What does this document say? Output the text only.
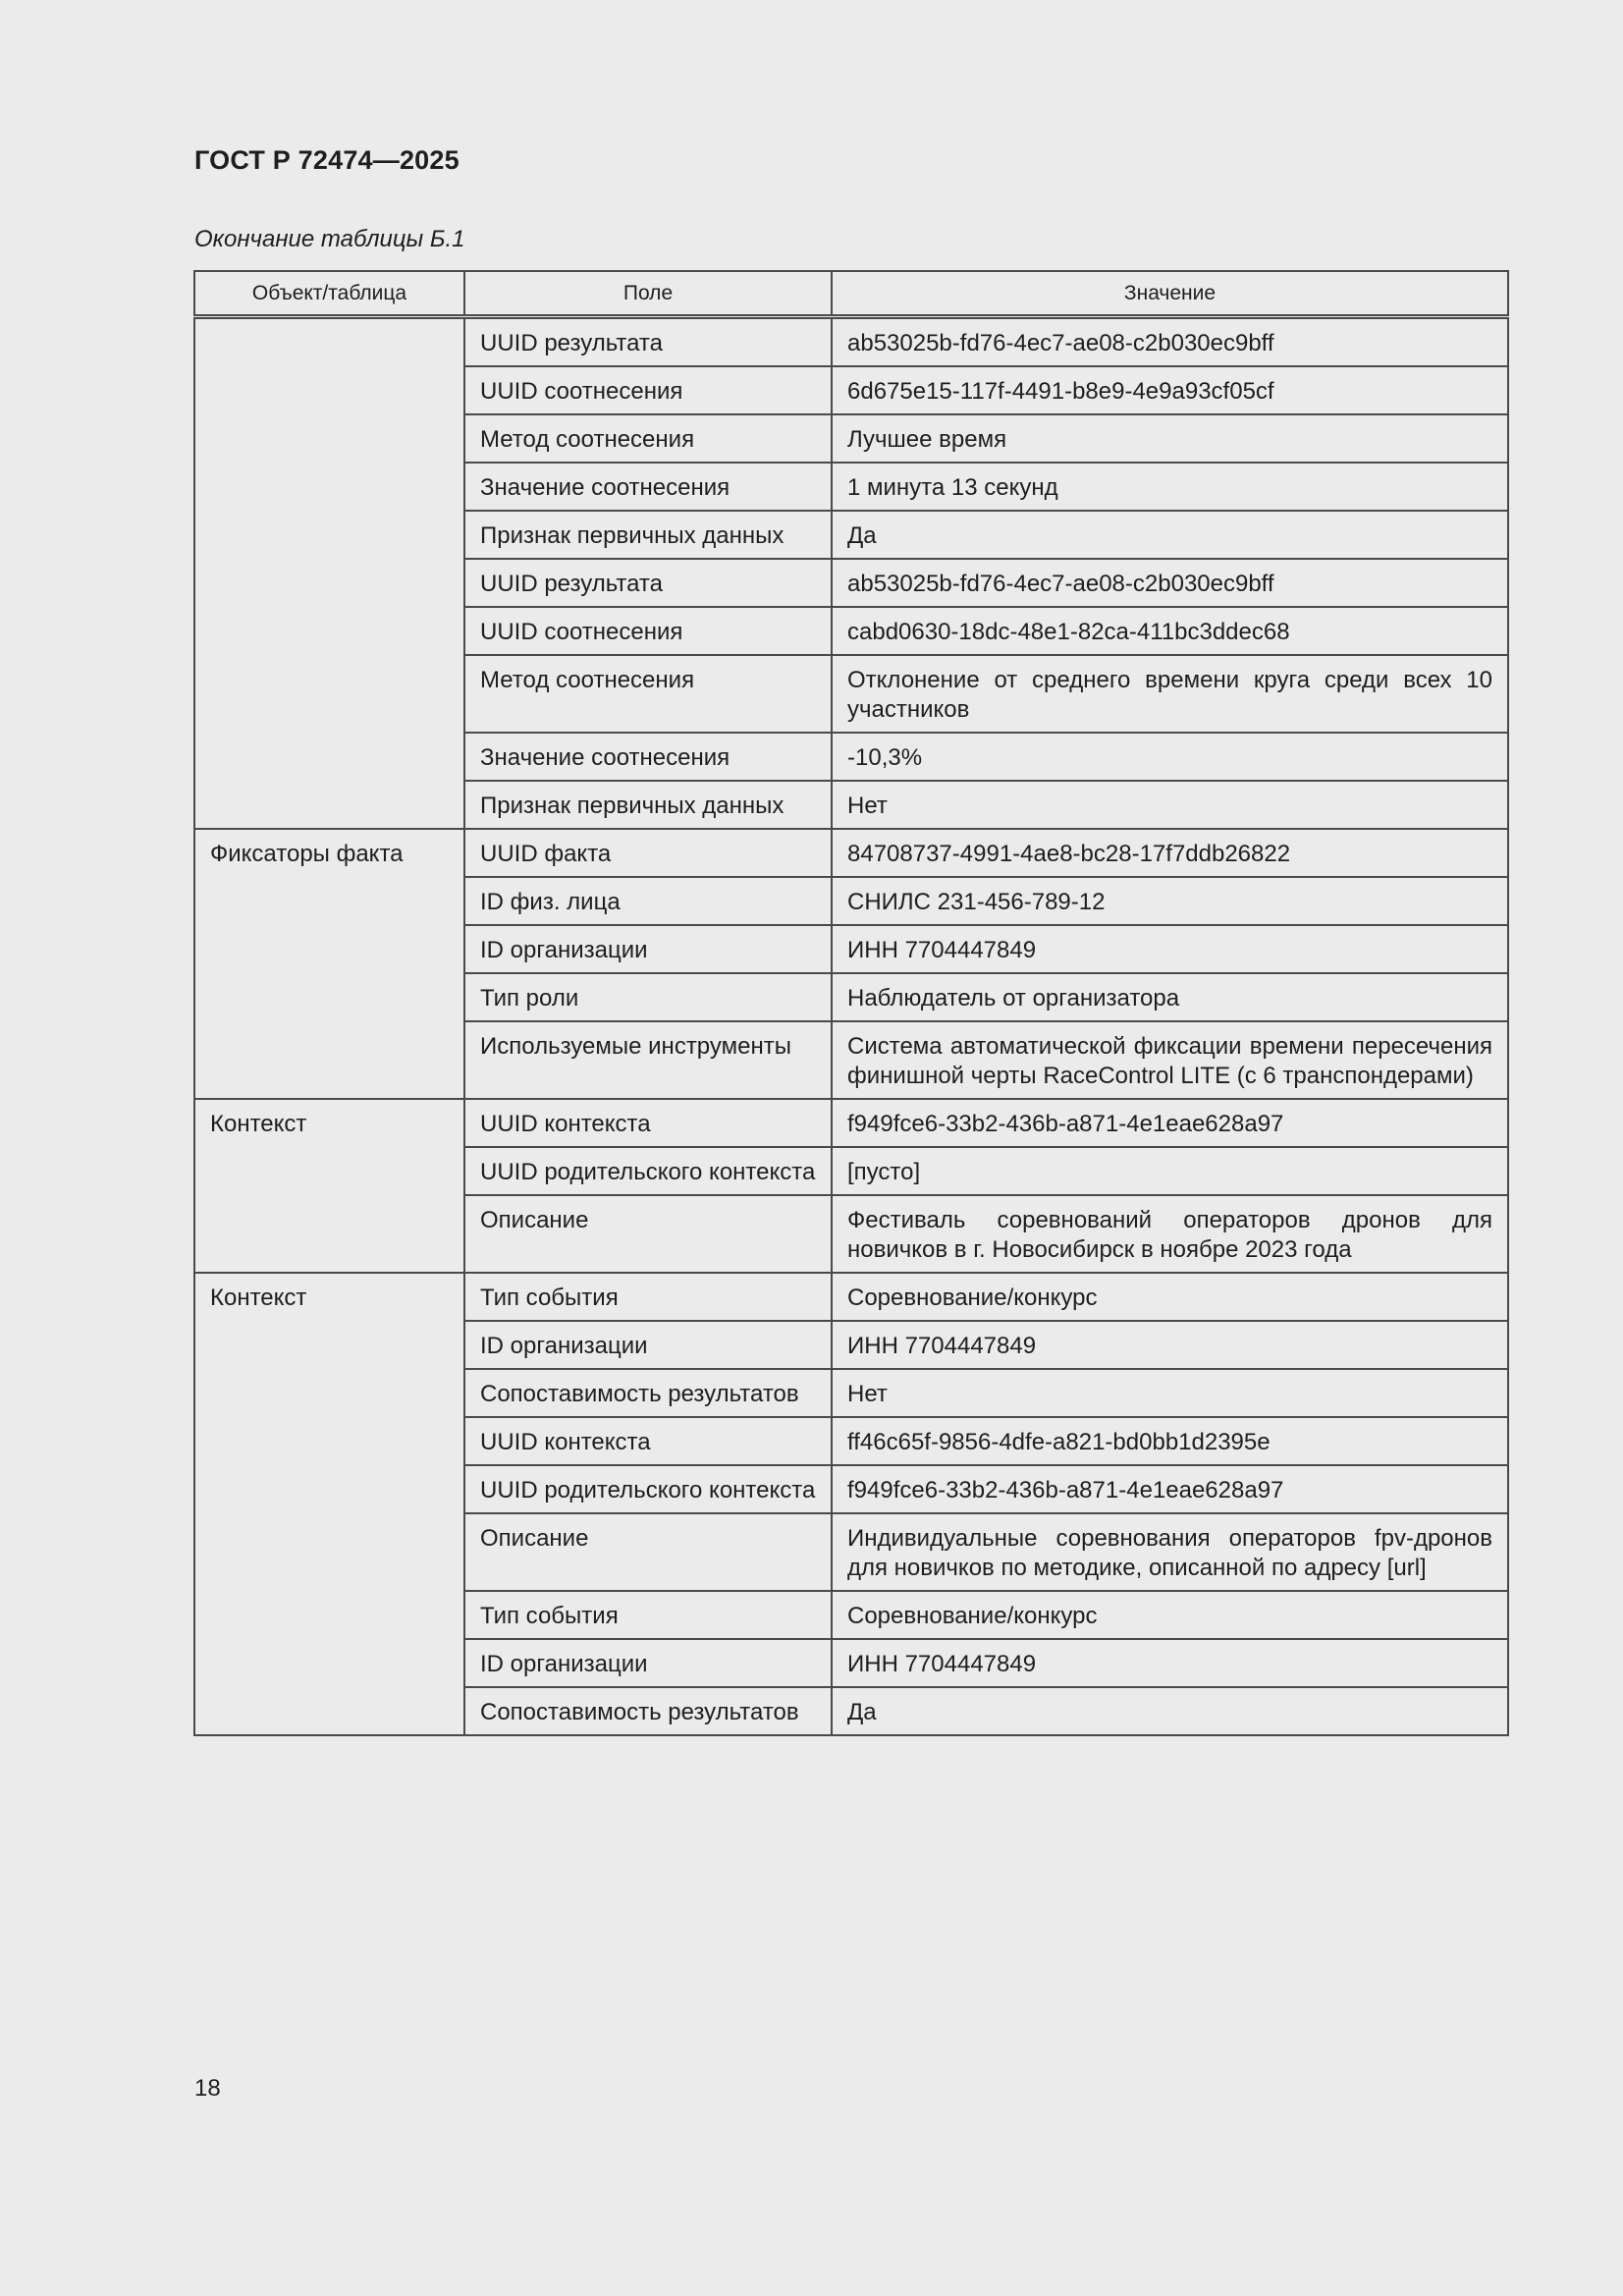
ГОСТ Р 72474—2025
Окончание таблицы Б.1
Объект/таблица	Поле	Значение
	UUID результата	ab53025b-fd76-4ec7-ae08-c2b030ec9bff
	UUID соотнесения	6d675e15-117f-4491-b8e9-4e9a93cf05cf
	Метод соотнесения	Лучшее время
	Значение соотнесения	1 минута 13 секунд
	Признак первичных данных	Да
	UUID результата	ab53025b-fd76-4ec7-ae08-c2b030ec9bff
	UUID соотнесения	cabd0630-18dc-48e1-82ca-411bc3ddec68
	Метод соотнесения	Отклонение от среднего времени круга среди всех 10 участников
	Значение соотнесения	-10,3%
	Признак первичных данных	Нет
Фиксаторы факта	UUID факта	84708737-4991-4ae8-bc28-17f7ddb26822
	ID физ. лица	СНИЛС 231-456-789-12
	ID организации	ИНН 7704447849
	Тип роли	Наблюдатель от организатора
	Используемые инструменты	Система автоматической фиксации времени пересечения финишной черты RaceControl LITE (с 6 транспондерами)
Контекст	UUID контекста	f949fce6-33b2-436b-a871-4e1eae628a97
	UUID родительского контекста	[пусто]
	Описание	Фестиваль соревнований операторов дронов для новичков в г. Новосибирск в ноябре 2023 года
Контекст	Тип события	Соревнование/конкурс
	ID организации	ИНН 7704447849
	Сопоставимость результатов	Нет
	UUID контекста	ff46c65f-9856-4dfe-a821-bd0bb1d2395e
	UUID родительского контекста	f949fce6-33b2-436b-a871-4e1eae628a97
	Описание	Индивидуальные соревнования операторов fpv-дронов для новичков по методике, описанной по адресу [url]
	Тип события	Соревнование/конкурс
	ID организации	ИНН 7704447849
	Сопоставимость результатов	Да
18
